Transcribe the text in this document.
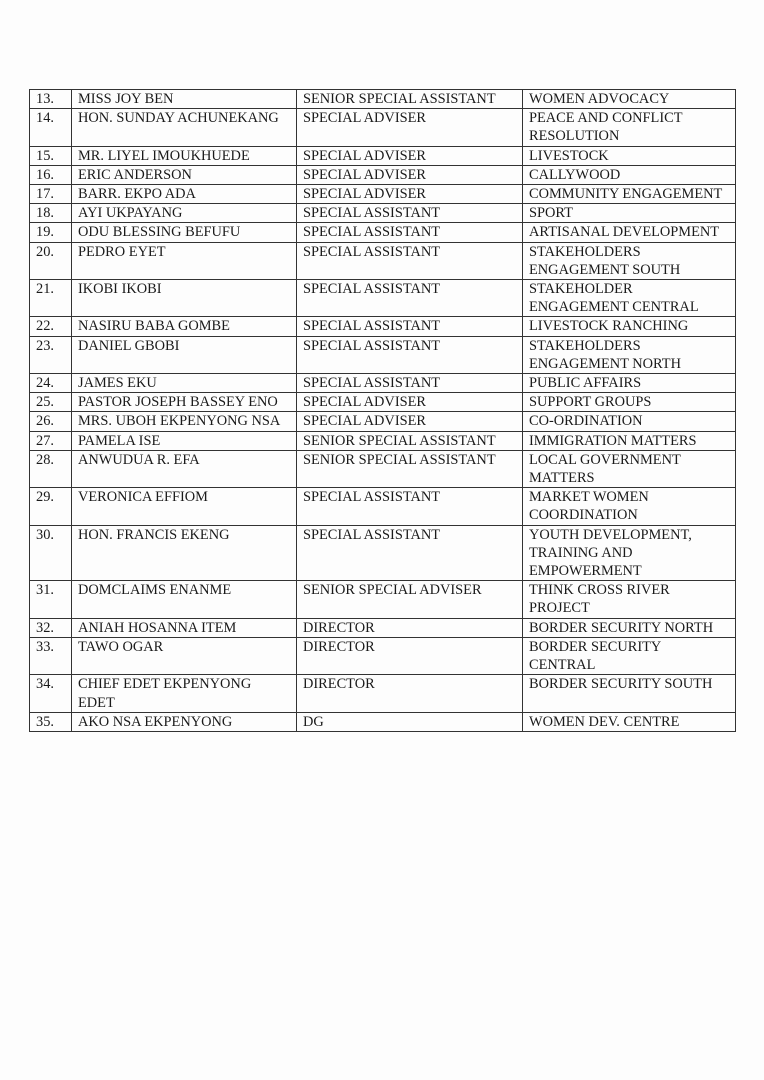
13.	MISS JOY BEN	SENIOR SPECIAL ASSISTANT	WOMEN ADVOCACY
14.	HON. SUNDAY ACHUNEKANG	SPECIAL ADVISER	PEACE AND CONFLICT RESOLUTION
15.	MR. LIYEL IMOUKHUEDE	SPECIAL ADVISER	LIVESTOCK
16.	ERIC ANDERSON	SPECIAL ADVISER	CALLYWOOD
17.	BARR. EKPO ADA	SPECIAL ADVISER	COMMUNITY ENGAGEMENT
18.	AYI UKPAYANG	SPECIAL ASSISTANT	SPORT
19.	ODU BLESSING BEFUFU	SPECIAL ASSISTANT	ARTISANAL DEVELOPMENT
20.	PEDRO EYET	SPECIAL ASSISTANT	STAKEHOLDERS ENGAGEMENT SOUTH
21.	IKOBI IKOBI	SPECIAL ASSISTANT	STAKEHOLDER ENGAGEMENT CENTRAL
22.	NASIRU BABA GOMBE	SPECIAL ASSISTANT	LIVESTOCK RANCHING
23.	DANIEL GBOBI	SPECIAL ASSISTANT	STAKEHOLDERS ENGAGEMENT NORTH
24.	JAMES EKU	SPECIAL ASSISTANT	PUBLIC AFFAIRS
25.	PASTOR JOSEPH BASSEY ENO	SPECIAL ADVISER	SUPPORT GROUPS
26.	MRS. UBOH EKPENYONG NSA	SPECIAL ADVISER	CO-ORDINATION
27.	PAMELA ISE	SENIOR SPECIAL ASSISTANT	IMMIGRATION MATTERS
28.	ANWUDUA R. EFA	SENIOR SPECIAL ASSISTANT	LOCAL GOVERNMENT MATTERS
29.	VERONICA EFFIOM	SPECIAL ASSISTANT	MARKET WOMEN COORDINATION
30.	HON. FRANCIS EKENG	SPECIAL ASSISTANT	YOUTH DEVELOPMENT, TRAINING AND EMPOWERMENT
31.	DOMCLAIMS ENANME	SENIOR SPECIAL ADVISER	THINK CROSS RIVER PROJECT
32.	ANIAH HOSANNA ITEM	DIRECTOR	BORDER SECURITY NORTH
33.	TAWO OGAR	DIRECTOR	BORDER SECURITY CENTRAL
34.	CHIEF EDET EKPENYONG EDET	DIRECTOR	BORDER SECURITY SOUTH
35.	AKO NSA EKPENYONG	DG	WOMEN DEV. CENTRE
